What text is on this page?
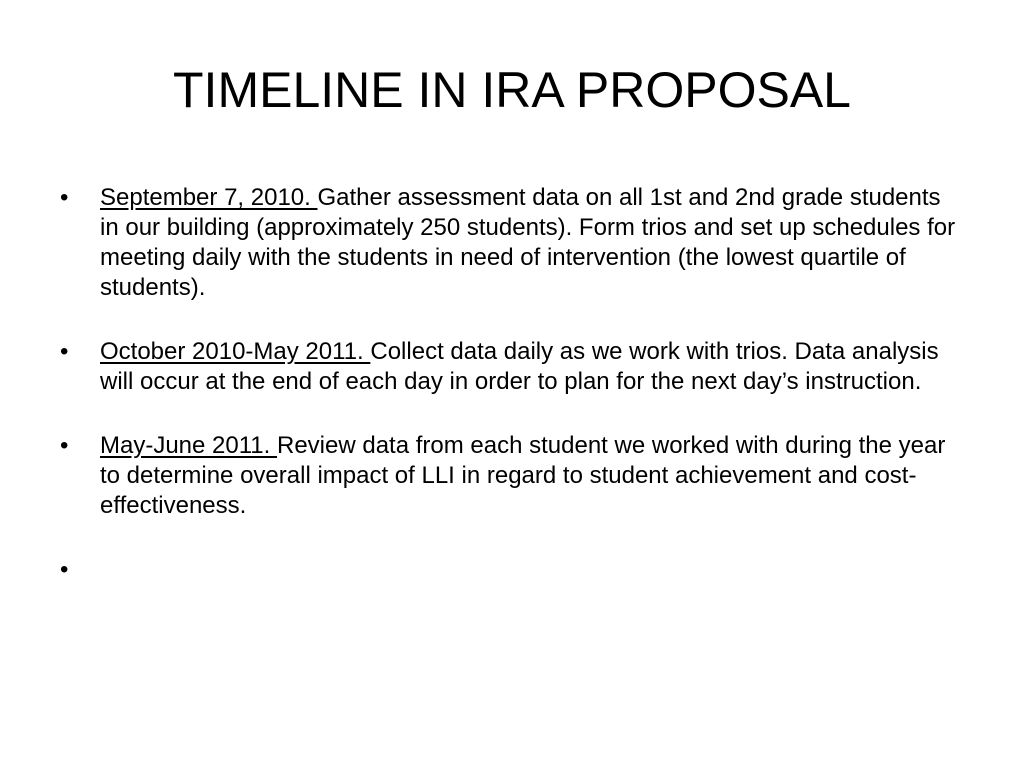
TIMELINE IN IRA PROPOSAL
• September 7, 2010. Gather assessment data on all 1st and 2nd grade students in our building (approximately 250 students). Form trios and set up schedules for meeting daily with the students in need of intervention (the lowest quartile of students).
• October 2010-May 2011. Collect data daily as we work with trios. Data analysis will occur at the end of each day in order to plan for the next day’s instruction.
• May-June 2011. Review data from each student we worked with during the year to determine overall impact of LLI in regard to student achievement and cost-effectiveness.
•
